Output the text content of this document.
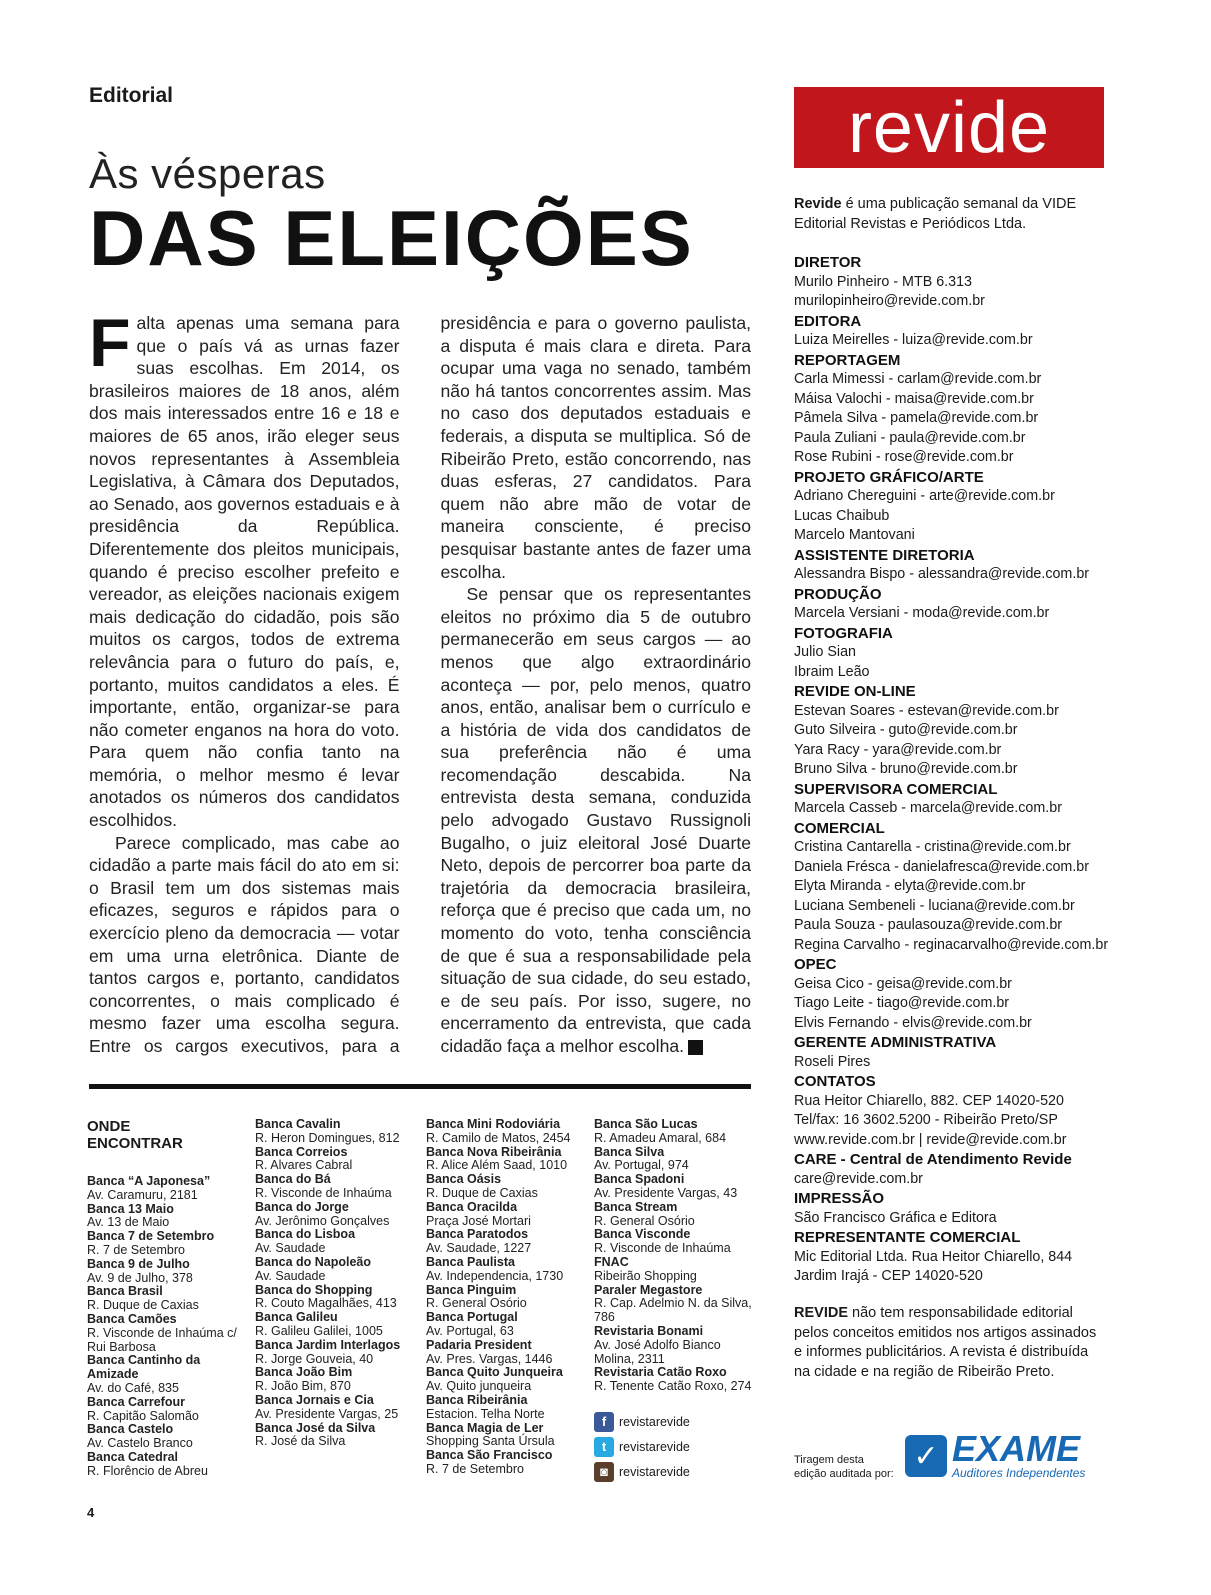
Editorial
Às vésperas
DAS ELEIÇÕES

Falta apenas uma semana para que o país vá as urnas fazer suas escolhas. Em 2014, os brasileiros maiores de 18 anos, além dos mais interessados entre 16 e 18 e maiores de 65 anos, irão eleger seus novos representantes à Assembleia Legislativa, à Câmara dos Deputados, ao Senado, aos governos estaduais e à presidência da República. Diferentemente dos pleitos municipais, quando é preciso escolher prefeito e vereador, as eleições nacionais exigem mais dedicação do cidadão, pois são muitos os cargos, todos de extrema relevância para o futuro do país, e, portanto, muitos candidatos a eles. É importante, então, organizar-se para não cometer enganos na hora do voto. Para quem não confia tanto na memória, o melhor mesmo é levar anotados os números dos candidatos escolhidos.

Parece complicado, mas cabe ao cidadão a parte mais fácil do ato em si: o Brasil tem um dos sistemas mais eficazes, seguros e rápidos para o exercício pleno da democracia — votar em uma urna eletrônica. Diante de tantos cargos e, portanto, candidatos concorrentes, o mais complicado é mesmo fazer uma escolha segura. Entre os cargos executivos, para a presidência e para o governo paulista, a disputa é mais clara e direta. Para ocupar uma vaga no senado, também não há tantos concorrentes assim. Mas no caso dos deputados estaduais e federais, a disputa se multiplica. Só de Ribeirão Preto, estão concorrendo, nas duas esferas, 27 candidatos. Para quem não abre mão de votar de maneira consciente, é preciso pesquisar bastante antes de fazer uma escolha.

Se pensar que os representantes eleitos no próximo dia 5 de outubro permanecerão em seus cargos — ao menos que algo extraordinário aconteça — por, pelo menos, quatro anos, então, analisar bem o currículo e a história de vida dos candidatos de sua preferência não é uma recomendação descabida. Na entrevista desta semana, conduzida pelo advogado Gustavo Russignoli Bugalho, o juiz eleitoral José Duarte Neto, depois de percorrer boa parte da trajetória da democracia brasileira, reforça que é preciso que cada um, no momento do voto, tenha consciência de que é sua a responsabilidade pela situação de sua cidade, do seu estado, e de seu país. Por isso, sugere, no encerramento da entrevista, que cada cidadão faça a melhor escolha.	r

ONDE
ENCONTRAR
Banca “A Japonesa”
Av. Caramuru, 2181
Banca 13 Maio
Av. 13 de Maio
Banca 7 de Setembro
R. 7 de Setembro
Banca 9 de Julho
Av. 9 de Julho, 378
Banca Brasil
R. Duque de Caxias
Banca Camões
R. Visconde de Inhaúma c/ Rui Barbosa
Banca Cantinho da Amizade
Av. do Café, 835
Banca Carrefour
R. Capitão Salomão
Banca Castelo
Av. Castelo Branco
Banca Catedral
R. Florêncio de Abreu
Banca Cavalin
R. Heron Domingues, 812
Banca Correios
R. Alvares Cabral
Banca do Bá
R. Visconde de Inhaúma
Banca do Jorge
Av. Jerônimo Gonçalves
Banca do Lisboa
Av. Saudade
Banca do Napoleão
Av. Saudade
Banca do Shopping
R. Couto Magalhães, 413
Banca Galileu
R. Galileu Galilei, 1005
Banca Jardim Interlagos
R. Jorge Gouveia, 40
Banca João Bim
R. João Bim, 870
Banca Jornais e Cia
Av. Presidente Vargas, 25
Banca José da Silva
R. José da Silva
Banca Mini Rodoviária
R. Camilo de Matos, 2454
Banca Nova Ribeirânia
R. Alice Além Saad, 1010
Banca Oásis
R. Duque de Caxias
Banca Oracilda
Praça José Mortari
Banca Paratodos
Av. Saudade, 1227
Banca Paulista
Av. Independencia, 1730
Banca Pinguim
R. General Osório
Banca Portugal
Av. Portugal, 63
Padaria President
Av. Pres. Vargas, 1446
Banca Quito Junqueira
Av. Quito junqueira
Banca Ribeirânia
Estacion. Telha Norte
Banca Magia de Ler
Shopping Santa Úrsula
Banca São Francisco
R. 7 de Setembro
Banca São Lucas
R. Amadeu Amaral, 684
Banca Silva
Av. Portugal, 974
Banca Spadoni
Av. Presidente Vargas, 43
Banca Stream
R. General Osório
Banca Visconde
R. Visconde de Inhaúma
FNAC
Ribeirão Shopping
Paraler Megastore
R. Cap. Adelmio N. da Silva, 786
Revistaria Bonami
Av. José Adolfo Bianco Molina, 2311
Revistaria Catão Roxo
R. Tenente Catão Roxo, 274
f	revistarevide
t	revistarevide
◙ revistarevide
revide
Revide é uma publicação semanal da VIDE Editorial Revistas e Periódicos Ltda.
DIRETOR
Murilo Pinheiro - MTB 6.313
murilopinheiro@revide.com.br
EDITORA
Luiza Meirelles - luiza@revide.com.br
REPORTAGEM
Carla Mimessi - carlam@revide.com.br
Máisa Valochi - maisa@revide.com.br
Pâmela Silva - pamela@revide.com.br
Paula Zuliani - paula@revide.com.br
Rose Rubini - rose@revide.com.br
PROJETO GRÁFICO/ARTE
Adriano Chereguini - arte@revide.com.br
Lucas Chaibub
Marcelo Mantovani
ASSISTENTE DIRETORIA
Alessandra Bispo - alessandra@revide.com.br
PRODUÇÃO
Marcela Versiani - moda@revide.com.br
FOTOGRAFIA
Julio Sian
Ibraim Leão
REVIDE ON-LINE
Estevan Soares - estevan@revide.com.br
Guto Silveira - guto@revide.com.br
Yara Racy - yara@revide.com.br
Bruno Silva - bruno@revide.com.br
SUPERVISORA COMERCIAL
Marcela Casseb - marcela@revide.com.br
COMERCIAL
Cristina Cantarella - cristina@revide.com.br
Daniela Frésca - danielafresca@revide.com.br
Elyta Miranda - elyta@revide.com.br
Luciana Sembeneli - luciana@revide.com.br
Paula Souza - paulasouza@revide.com.br
Regina Carvalho - reginacarvalho@revide.com.br
OPEC
Geisa Cico - geisa@revide.com.br
Tiago Leite - tiago@revide.com.br
Elvis Fernando - elvis@revide.com.br
GERENTE ADMINISTRATIVA
Roseli Pires
CONTATOS
Rua Heitor Chiarello, 882. CEP 14020-520
Tel/fax: 16 3602.5200 - Ribeirão Preto/SP
www.revide.com.br | revide@revide.com.br
CARE - Central de Atendimento Revide
care@revide.com.br
IMPRESSÃO
São Francisco Gráfica e Editora
REPRESENTANTE COMERCIAL
Mic Editorial Ltda. Rua Heitor Chiarello, 844
Jardim Irajá - CEP 14020-520
REVIDE não tem responsabilidade editorial pelos conceitos emitidos nos artigos assinados e informes publicitários. A revista é distribuída na cidade e na região de Ribeirão Preto.
Tiragem desta
edição auditada por:
✓ EXAME
Auditores Independentes
4
